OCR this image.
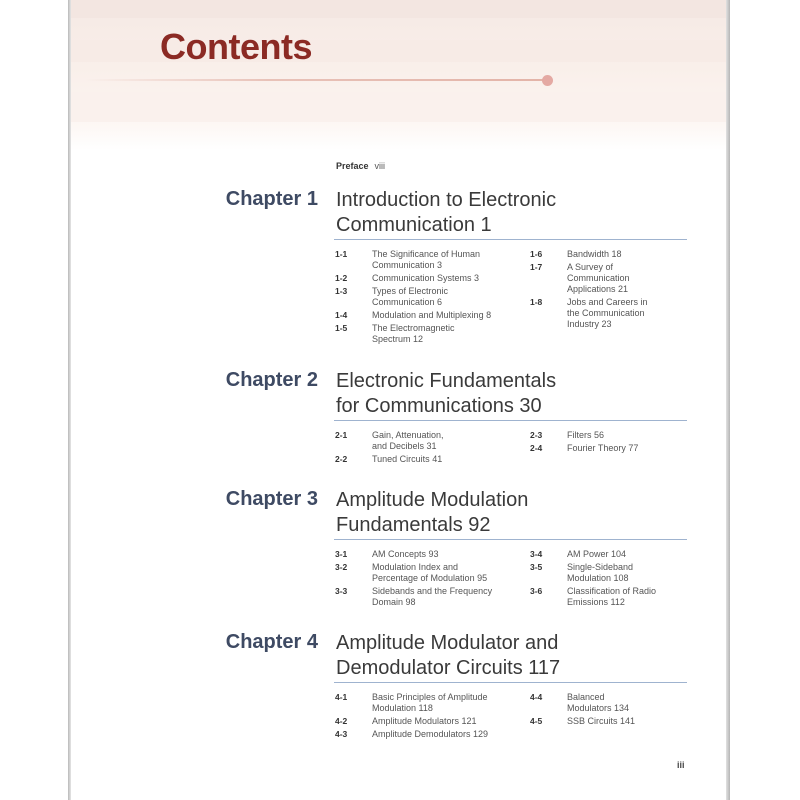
Contents
Preface viii
Chapter 1 Introduction to Electronic
Communication 1
1-1	The Significance of Human
Communication 3
1-2	Communication Systems 3
1-3	Types of Electronic
Communication 6
1-4	Modulation and Multiplexing 8
1-5	The Electromagnetic
Spectrum 12
1-6	Bandwidth 18
1-7	A Survey of
Communication
Applications 21
1-8	Jobs and Careers in
the Communication
Industry 23
Chapter 2 Electronic Fundamentals
for Communications 30
2-1	Gain, Attenuation,
and Decibels 31
2-2	Tuned Circuits 41
2-3	Filters 56
2-4	Fourier Theory 77
Chapter 3 Amplitude Modulation
Fundamentals 92
3-1	AM Concepts 93
3-2	Modulation Index and
Percentage of Modulation 95
3-3	Sidebands and the Frequency
Domain 98
3-4	AM Power 104
3-5	Single-Sideband
Modulation 108
3-6	Classification of Radio
Emissions 112
Chapter 4 Amplitude Modulator and
Demodulator Circuits 117
4-1	Basic Principles of Amplitude
Modulation 118
4-2	Amplitude Modulators 121
4-3	Amplitude Demodulators 129
4-4	Balanced
Modulators 134
4-5	SSB Circuits 141
iii
